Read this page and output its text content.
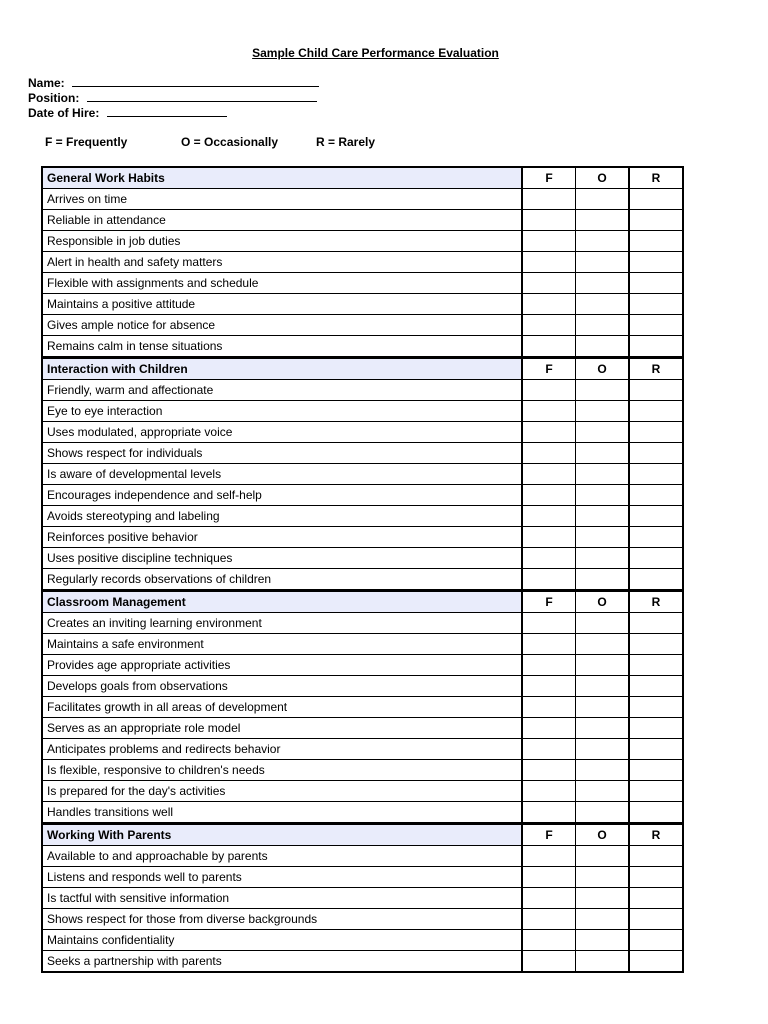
Sample Child Care Performance Evaluation
Name:
Position:
Date of Hire:
F = Frequently	O = Occasionally	R = Rarely
General Work Habits	F	O	R
Arrives on time			
Reliable in attendance			
Responsible in job duties			
Alert in health and safety matters			
Flexible with assignments and schedule			
Maintains a positive attitude			
Gives ample notice for absence			
Remains calm in tense situations			
Interaction with Children	F	O	R
Friendly, warm and affectionate			
Eye to eye interaction			
Uses modulated, appropriate voice			
Shows respect for individuals			
Is aware of developmental levels			
Encourages independence and self-help			
Avoids stereotyping and labeling			
Reinforces positive behavior			
Uses positive discipline techniques			
Regularly records observations of children			
Classroom Management	F	O	R
Creates an inviting learning environment			
Maintains a safe environment			
Provides age appropriate activities			
Develops goals from observations			
Facilitates growth in all areas of development			
Serves as an appropriate role model			
Anticipates problems and redirects behavior			
Is flexible, responsive to children's needs			
Is prepared for the day's activities			
Handles transitions well			
Working With Parents	F	O	R
Available to and approachable by parents			
Listens and responds well to parents			
Is tactful with sensitive information			
Shows respect for those from diverse backgrounds			
Maintains confidentiality			
Seeks a partnership with parents			
